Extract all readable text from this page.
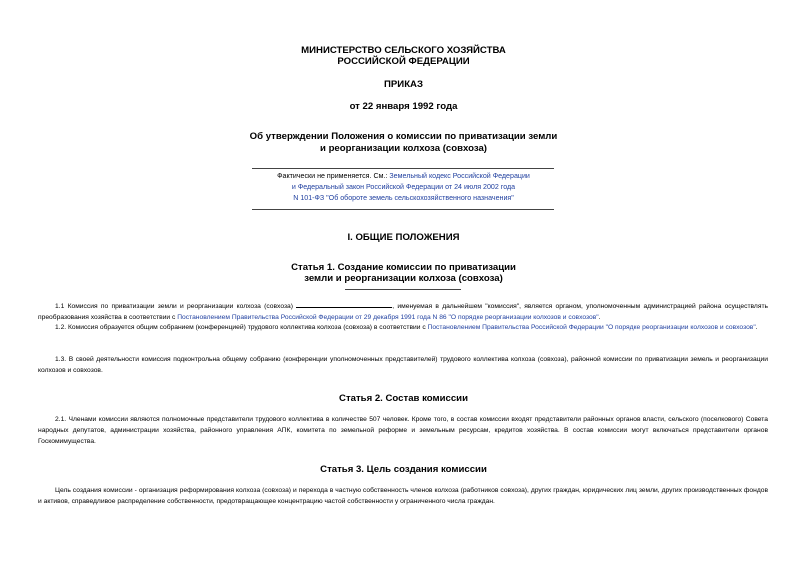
МИНИСТЕРСТВО СЕЛЬСКОГО ХОЗЯЙСТВА
РОССИЙСКОЙ ФЕДЕРАЦИИ
ПРИКАЗ
от 22 января 1992 года
Об утверждении Положения о комиссии по приватизации земли
и реорганизации колхоза (совхоза)
Фактически не применяется. См.: Земельный кодекс Российской Федерации
и Федеральный закон Российской Федерации от 24 июля 2002 года
N 101-ФЗ "Об обороте земель сельскохозяйственного назначения"
I. ОБЩИЕ ПОЛОЖЕНИЯ
Статья 1. Создание комиссии по приватизации
земли и реорганизации колхоза (совхоза)
1.1 Комиссия по приватизации земли и реорганизации колхоза (совхоза)	, именуемая в дальнейшем "комиссия", является органом, уполномоченным администрацией района осуществлять преобразования хозяйства в соответствии с Постановлением Правительства Российской Федерации от 29 декабря 1991 года N 86 "О порядке реорганизации колхозов и совхозов".
1.2. Комиссия образуется общим собранием (конференцией) трудового коллектива колхоза (совхоза) в соответствии с Постановлением Правительства Российской Федерации "О порядке реорганизации колхозов и совхозов".
1.3. В своей деятельности комиссия подконтрольна общему собранию (конференции уполномоченных представителей) трудового коллектива колхоза (совхоза), районной комиссии по приватизации земель и реорганизации колхозов и совхозов.
Статья 2. Состав комиссии
2.1. Членами комиссии являются полномочные представители трудового коллектива в количестве 507 человек. Кроме того, в состав комиссии входят представители районных органов власти, сельского (поселкового) Совета народных депутатов, администрации хозяйства, районного управления АПК, комитета по земельной реформе и земельным ресурсам, кредитов хозяйства. В состав комиссии могут включаться представители органов Госкомимущества.
Статья 3. Цель создания комиссии
Цель создания комиссии - организация реформирования колхоза (совхоза) и перехода в частную собственность членов колхоза (работников совхоза), других граждан, юридических лиц земли, других производственных фондов и активов, справедливое распределение собственности, предотвращающее концентрацию частой собственности у ограниченного числа граждан.
